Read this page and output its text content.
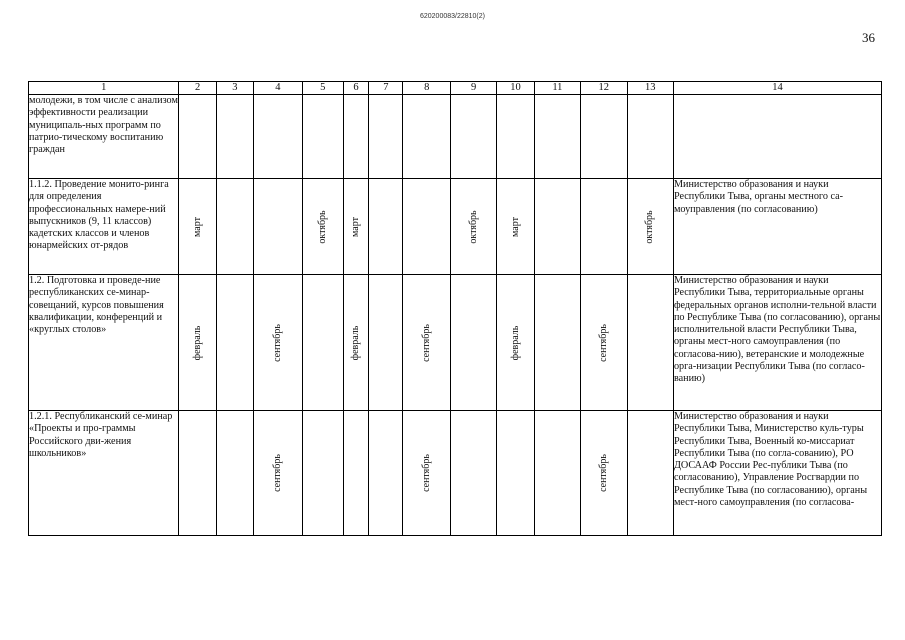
620200083/22810(2)
36
1	2	3	4	5	6	7	8	9	10	11	12	13	14
молодежи, в том числе с анализом эффективности реализации муниципаль-ных программ по патрио-тическому воспитанию граждан													
1.1.2. Проведение монито-ринга для определения профессиональных намере-ний выпускников (9, 11 классов) кадетских классов и членов юнармейских от-рядов	март			октябрь	март			октябрь	март			октябрь	Министерство образования и науки Республики Тыва, органы местного са-моуправления (по согласованию)
1.2. Подготовка и проведе-ние республиканских се-минар-совещаний, курсов повышения квалификации, конференций и «круглых столов»	февраль		сентябрь		февраль		сентябрь		февраль		сентябрь		Министерство образования и науки Республики Тыва, территориальные органы федеральных органов исполни-тельной власти по Республике Тыва (по согласованию), органы исполнительной власти Республики Тыва, органы мест-ного самоуправления (по согласова-нию), ветеранские и молодежные орга-низации Республики Тыва (по согласо-ванию)
1.2.1. Республиканский се-минар «Проекты и про-граммы Российского дви-жения школьников»			сентябрь				сентябрь				сентябрь		Министерство образования и науки Республики Тыва, Министерство куль-туры Республики Тыва, Военный ко-миссариат Республики Тыва (по согла-сованию), РО ДОСААФ России Рес-публики Тыва (по согласованию), Управление Росгвардии по Республике Тыва (по согласованию), органы мест-ного самоуправления (по согласова-
